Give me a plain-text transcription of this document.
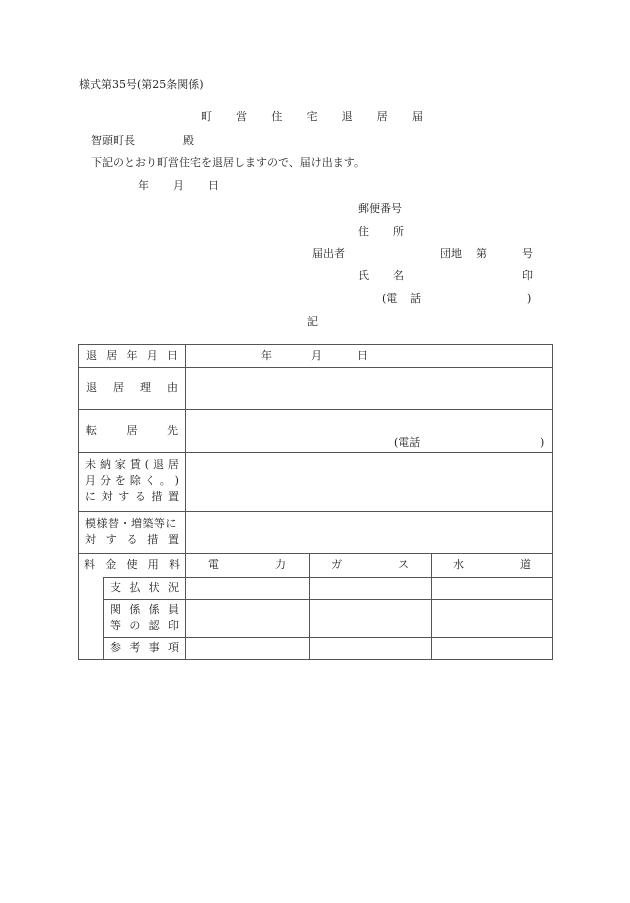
様式第35号(第25条関係)
町 営 住 宅 退 居 届
智頭町長	殿
下記のとおり町営住宅を退居しますので、届け出ます。
年 月 日
郵便番号
住 所
届出者	団地 第	号
氏 名	印
(電 話	)
記
退 居 年 月 日	年	月	日
退 居 理 由
転	居	先
(電話	)
未 納 家 賃 ( 退 居
月 分 を 除 く 。 )
に 対 す る 措 置
模様替・増築等に
対 す る 措 置
料 金 使 用 料	電	力	ガ	ス	水	道
支 払 状 況
関 係 係 員
等 の 認 印
参 考 事 項
